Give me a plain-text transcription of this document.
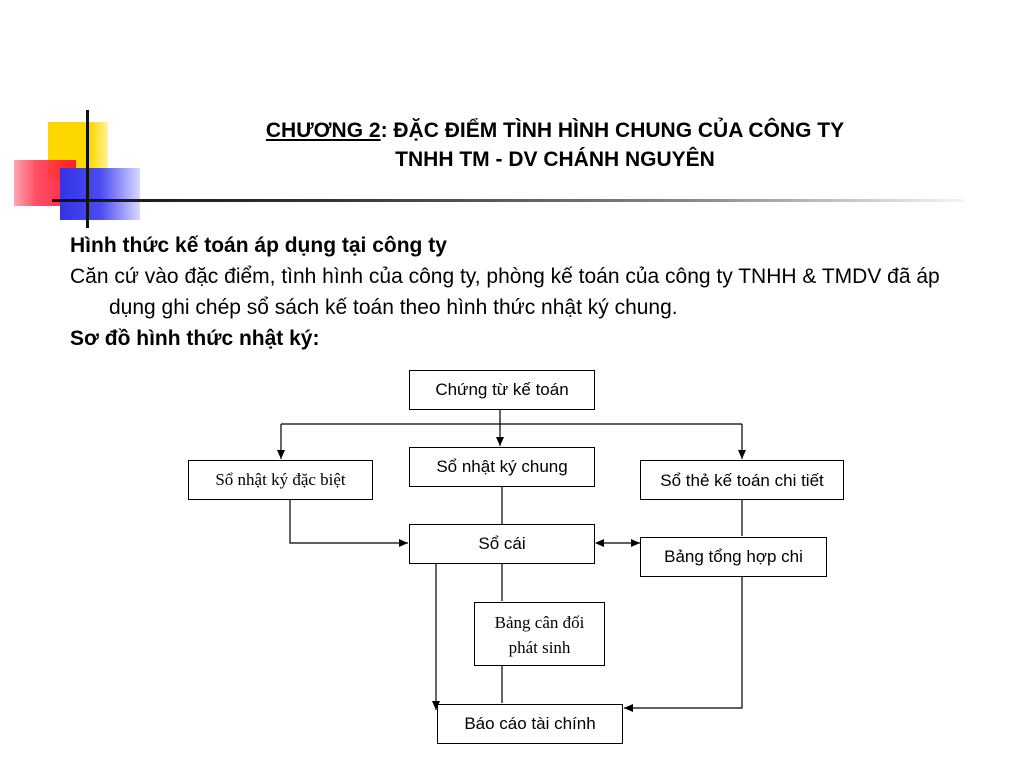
CHƯƠNG 2: ĐẶC ĐIỂM TÌNH HÌNH CHUNG CỦA CÔNG TY
TNHH TM - DV CHÁNH NGUYÊN

Hình thức kế toán áp dụng tại công ty

Căn cứ vào đặc điểm, tình hình của công ty, phòng kế toán của công ty TNHH & TMDV đã áp dụng ghi chép sổ sách kế toán theo hình thức nhật ký chung.

Sơ đồ hình thức nhật ký:

Chứng từ kế toán
Sổ nhật ký đặc biệt
Sổ nhật ký chung
Sổ thẻ kế toán chi tiết
Sổ cái
Bảng tổng hợp chi
Bảng cân đối phát sinh
Báo cáo tài chính
